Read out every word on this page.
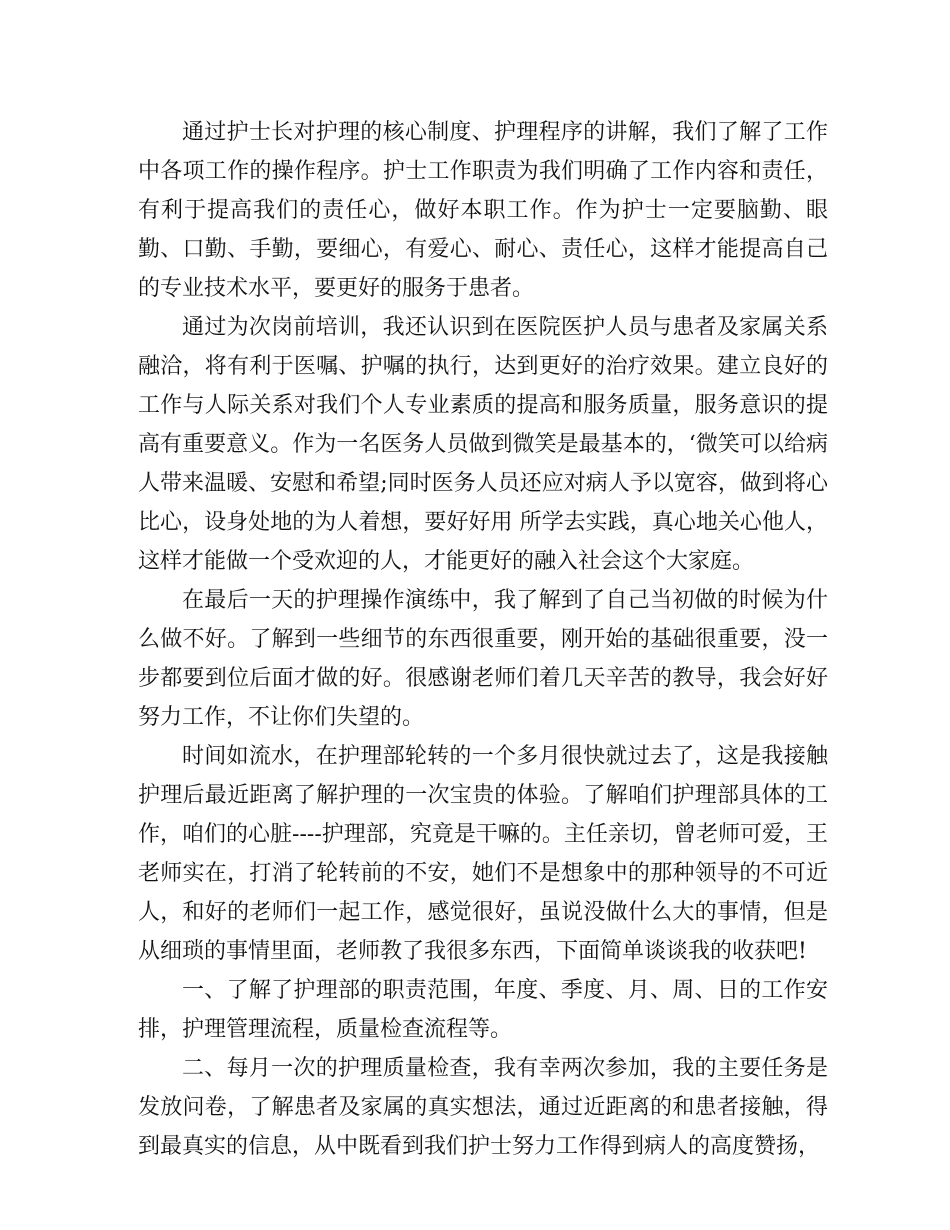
通过护士长对护理的核心制度、护理程序的讲解，我们了解了工作中各项工作的操作程序。护士工作职责为我们明确了工作内容和责任，有利于提高我们的责任心，做好本职工作。作为护士一定要脑勤、眼勤、口勤、手勤，要细心，有爱心、耐心、责任心，这样才能提高自己的专业技术水平，要更好的服务于患者。

通过为次岗前培训，我还认识到在医院医护人员与患者及家属关系融洽，将有利于医嘱、护嘱的执行，达到更好的治疗效果。建立良好的工作与人际关系对我们个人专业素质的提高和服务质量，服务意识的提高有重要意义。作为一名医务人员做到微笑是最基本的，‘微笑可以给病人带来温暖、安慰和希望;同时医务人员还应对病人予以宽容，做到将心比心，设身处地的为人着想，要好好用 所学去实践，真心地关心他人，这样才能做一个受欢迎的人，才能更好的融入社会这个大家庭。

在最后一天的护理操作演练中，我了解到了自己当初做的时候为什么做不好。了解到一些细节的东西很重要，刚开始的基础很重要，没一步都要到位后面才做的好。很感谢老师们着几天辛苦的教导，我会好好努力工作，不让你们失望的。

时间如流水，在护理部轮转的一个多月很快就过去了，这是我接触护理后最近距离了解护理的一次宝贵的体验。了解咱们护理部具体的工作，咱们的心脏----护理部，究竟是干嘛的。主任亲切，曾老师可爱，王老师实在，打消了轮转前的不安，她们不是想象中的那种领导的不可近人，和好的老师们一起工作，感觉很好，虽说没做什么大的事情，但是从细琐的事情里面，老师教了我很多东西，下面简单谈谈我的收获吧!

一、了解了护理部的职责范围，年度、季度、月、周、日的工作安排，护理管理流程，质量检查流程等。

二、每月一次的护理质量检查，我有幸两次参加，我的主要任务是发放问卷，了解患者及家属的真实想法，通过近距离的和患者接触，得到最真实的信息，从中既看到我们护士努力工作得到病人的高度赞扬，
